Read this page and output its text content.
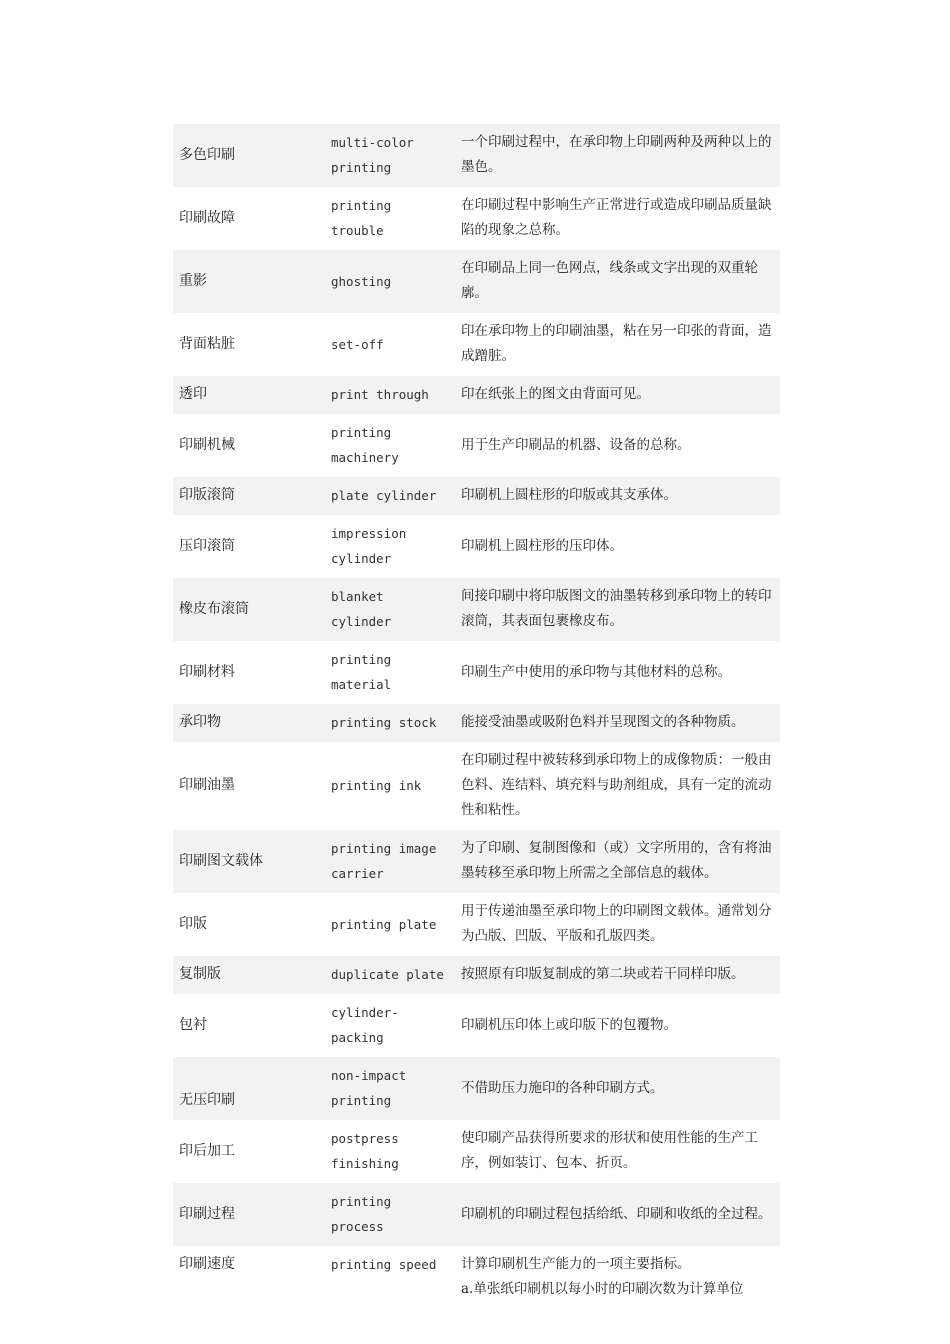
多色印刷	multi-color printing	一个印刷过程中，在承印物上印刷两种及两种以上的墨色。
印刷故障	printing trouble	在印刷过程中影响生产正常进行或造成印刷品质量缺陷的现象之总称。
重影	ghosting	在印刷品上同一色网点，线条或文字出现的双重轮廓。
背面粘脏	set-off	印在承印物上的印刷油墨，粘在另一印张的背面，造成蹭脏。
透印	print through	印在纸张上的图文由背面可见。
印刷机械	printing machinery	用于生产印刷品的机器、设备的总称。
印版滚筒	plate cylinder	印刷机上圆柱形的印版或其支承体。
压印滚筒	impression cylinder	印刷机上圆柱形的压印体。
橡皮布滚筒	blanket cylinder	间接印刷中将印版图文的油墨转移到承印物上的转印滚筒，其表面包裹橡皮布。
印刷材料	printing material	印刷生产中使用的承印物与其他材料的总称。
承印物	printing stock	能接受油墨或吸附色料并呈现图文的各种物质。
印刷油墨	printing ink	在印刷过程中被转移到承印物上的成像物质：一般由色料、连结料、填充料与助剂组成，具有一定的流动性和粘性。
印刷图文载体	printing image carrier	为了印刷、复制图像和（或）文字所用的，含有将油墨转移至承印物上所需之全部信息的载体。
印版	printing plate	用于传递油墨至承印物上的印刷图文载体。通常划分为凸版、凹版、平版和孔版四类。
复制版	duplicate plate	按照原有印版复制成的第二块或若干同样印版。
包衬	cylinder-packing	印刷机压印体上或印版下的包覆物。
无压印刷	non-impact printing	不借助压力施印的各种印刷方式。
印后加工	postpress finishing	使印刷产品获得所要求的形状和使用性能的生产工序，例如装订、包本、折页。
印刷过程	printing process	印刷机的印刷过程包括给纸、印刷和收纸的全过程。
印刷速度	printing speed	计算印刷机生产能力的一项主要指标。
a.单张纸印刷机以每小时的印刷次数为计算单位
